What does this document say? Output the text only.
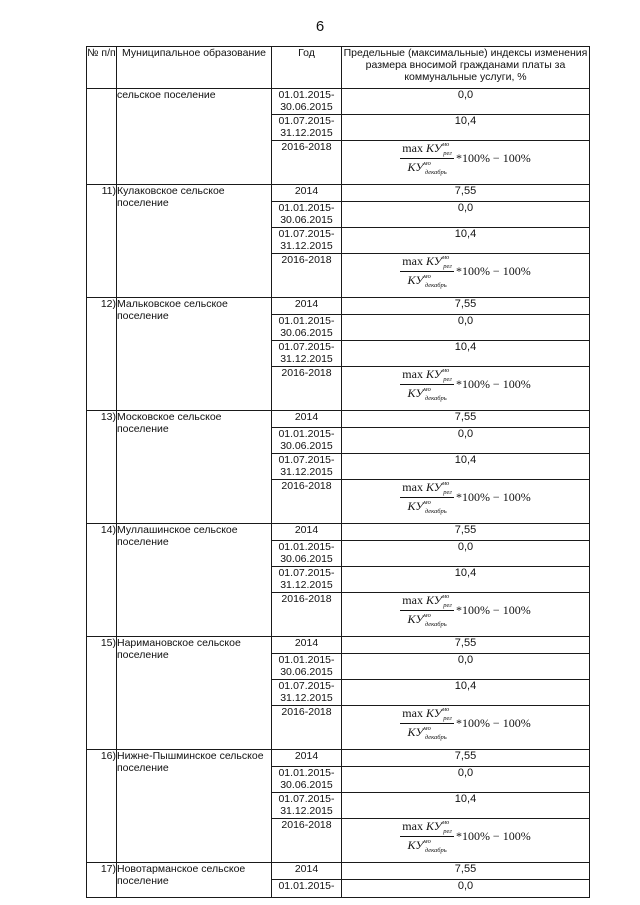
6
№ п/п	Муниципальное образование	Год	Предельные (максимальные) индексы изменения размера вносимой гражданами платы за коммунальные услуги, %
	сельское поселение	01.01.2015-30.06.2015	0,0
		01.07.2015-31.12.2015	10,4
		2016-2018	$\frac{\max КУ^{мо}_{рег}}{КУ^{мо}_{декабрь}} *100\% - 100\%$

11)	Кулаковское сельское поселение	2014	7,55
		01.01.2015-30.06.2015	0,0
		01.07.2015-31.12.2015	10,4
		2016-2018	$\frac{\max КУ^{мо}_{рег}}{КУ^{мо}_{декабрь}} *100\% - 100\%$

12)	Мальковское сельское поселение	2014	7,55
		01.01.2015-30.06.2015	0,0
		01.07.2015-31.12.2015	10,4
		2016-2018	$\frac{\max КУ^{мо}_{рег}}{КУ^{мо}_{декабрь}} *100\% - 100\%$

13)	Московское сельское поселение	2014	7,55
		01.01.2015-30.06.2015	0,0
		01.07.2015-31.12.2015	10,4
		2016-2018	$\frac{\max КУ^{мо}_{рег}}{КУ^{мо}_{декабрь}} *100\% - 100\%$

14)	Муллашинское сельское поселение	2014	7,55
		01.01.2015-30.06.2015	0,0
		01.07.2015-31.12.2015	10,4
		2016-2018	$\frac{\max КУ^{мо}_{рег}}{КУ^{мо}_{декабрь}} *100\% - 100\%$

15)	Наримановское сельское поселение	2014	7,55
		01.01.2015-30.06.2015	0,0
		01.07.2015-31.12.2015	10,4
		2016-2018	$\frac{\max КУ^{мо}_{рег}}{КУ^{мо}_{декабрь}} *100\% - 100\%$

16)	Нижне-Пышминское сельское поселение	2014	7,55
		01.01.2015-30.06.2015	0,0
		01.07.2015-31.12.2015	10,4
		2016-2018	$\frac{\max КУ^{мо}_{рег}}{КУ^{мо}_{декабрь}} *100\% - 100\%$

17)	Новотарманское сельское поселение	2014	7,55
		01.01.2015-	0,0
